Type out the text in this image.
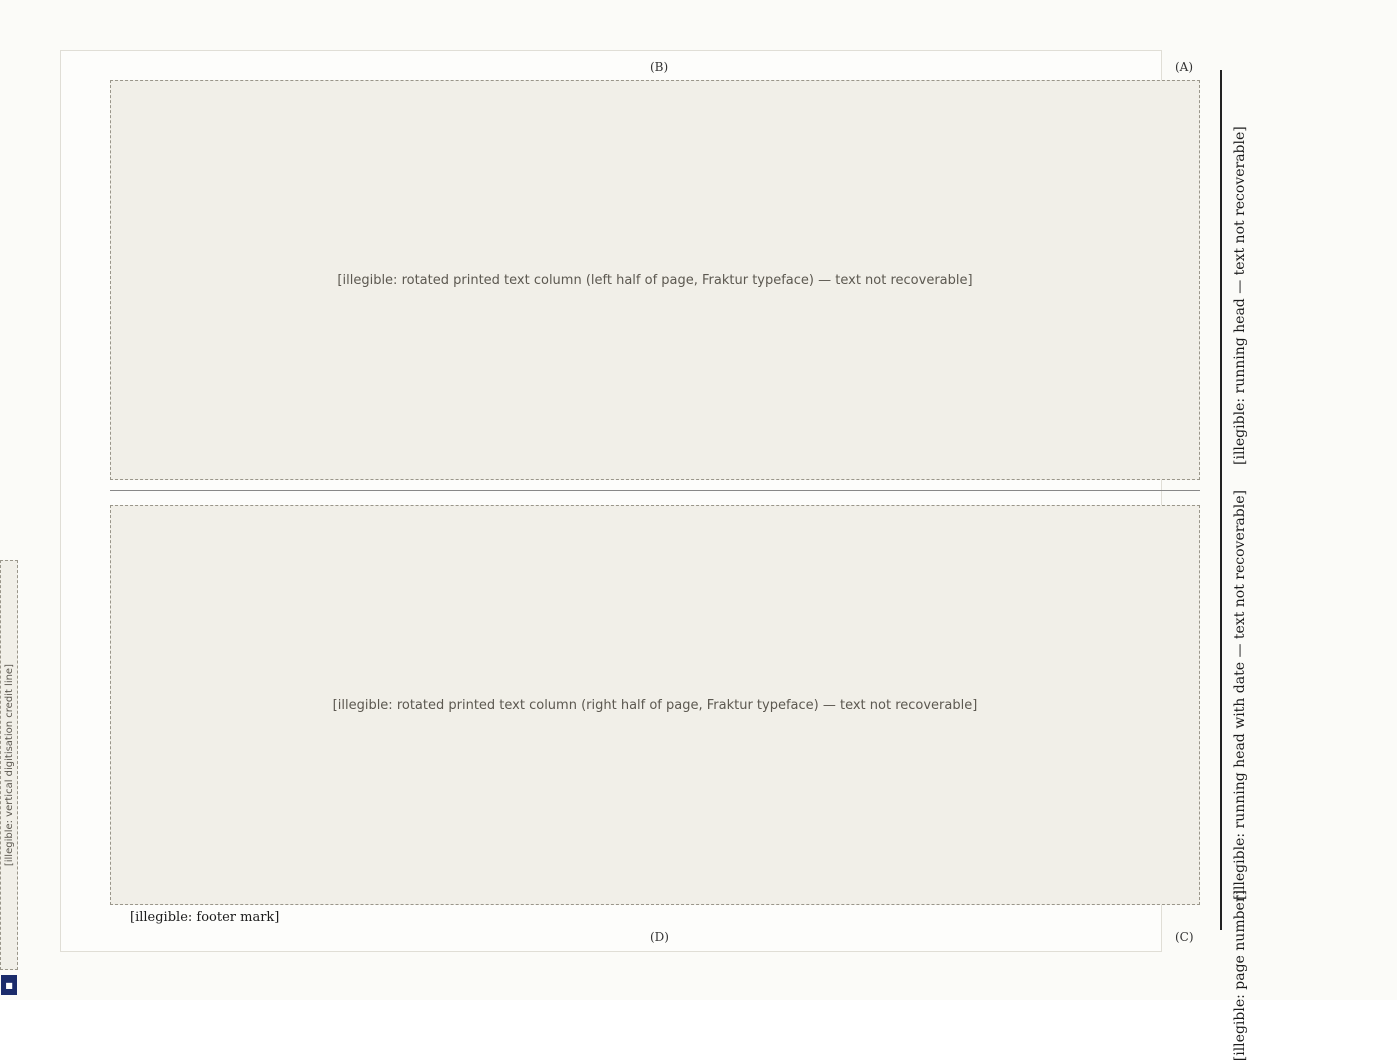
[illegible: running head — text not recoverable]
[illegible: running head with date — text not recoverable]
[illegible: page number]
(A)
(B)
(C)
(D)
[illegible: rotated printed text column (left half of page, Fraktur typeface) — text not recoverable]
[illegible: rotated printed text column (right half of page, Fraktur typeface) — text not recoverable]
[illegible: footer mark]
[illegible: vertical digitisation credit line]
■
